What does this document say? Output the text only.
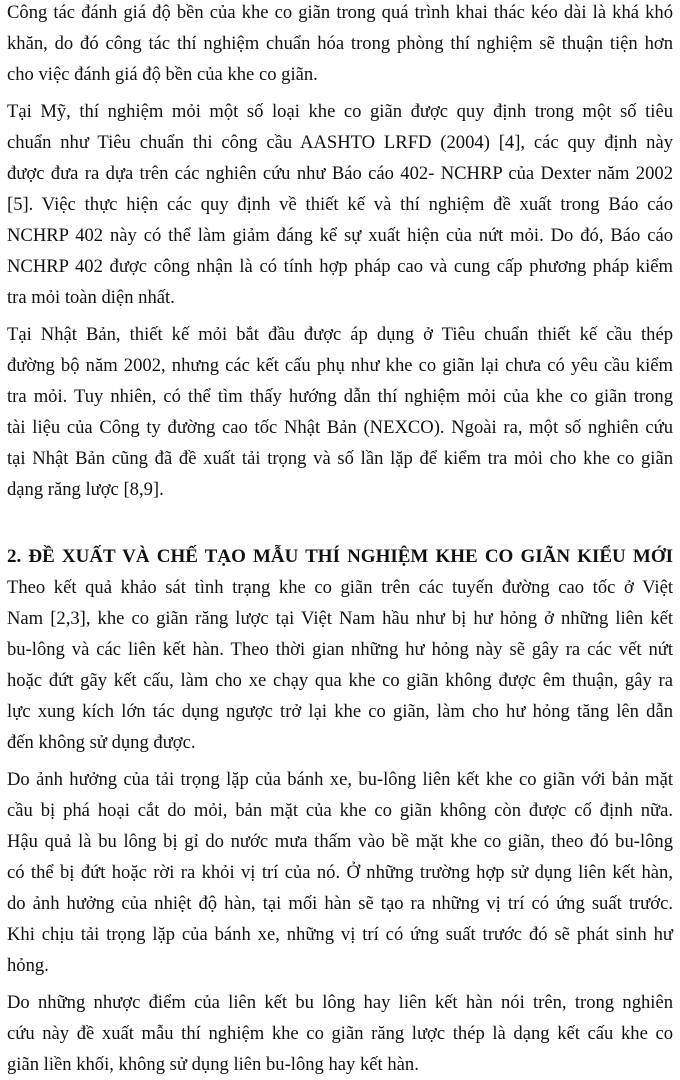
Công tác đánh giá độ bền của khe co giãn trong quá trình khai thác kéo dài là khá khó
khăn, do đó công tác thí nghiệm chuẩn hóa trong phòng thí nghiệm sẽ thuận tiện hơn
cho việc đánh giá độ bền của khe co giãn.
Tại Mỹ, thí nghiệm mỏi một số loại khe co giãn được quy định trong một số tiêu
chuẩn như Tiêu chuẩn thi công cầu AASHTO LRFD (2004) [4], các quy định này
được đưa ra dựa trên các nghiên cứu như Báo cáo 402- NCHRP của Dexter năm 2002
[5]. Việc thực hiện các quy định về thiết kế và thí nghiệm đề xuất trong Báo cáo
NCHRP 402 này có thể làm giảm đáng kể sự xuất hiện của nứt mỏi. Do đó, Báo cáo
NCHRP 402 được công nhận là có tính hợp pháp cao và cung cấp phương pháp kiểm
tra mỏi toàn diện nhất.
Tại Nhật Bản, thiết kế mỏi bắt đầu được áp dụng ở Tiêu chuẩn thiết kế cầu thép
đường bộ năm 2002, nhưng các kết cấu phụ như khe co giãn lại chưa có yêu cầu kiểm
tra mỏi. Tuy nhiên, có thể tìm thấy hướng dẫn thí nghiệm mỏi của khe co giãn trong
tài liệu của Công ty đường cao tốc Nhật Bản (NEXCO). Ngoài ra, một số nghiên cứu
tại Nhật Bản cũng đã đề xuất tải trọng và số lần lặp để kiểm tra mỏi cho khe co giãn
dạng răng lược [8,9].
2. ĐỀ XUẤT VÀ CHẾ TẠO MẪU THÍ NGHIỆM KHE CO GIÃN KIỂU MỚI
Theo kết quả khảo sát tình trạng khe co giãn trên các tuyến đường cao tốc ở Việt
Nam [2,3], khe co giãn răng lược tại Việt Nam hầu như bị hư hỏng ở những liên kết
bu-lông và các liên kết hàn. Theo thời gian những hư hỏng này sẽ gây ra các vết nứt
hoặc đứt gãy kết cấu, làm cho xe chạy qua khe co giãn không được êm thuận, gây ra
lực xung kích lớn tác dụng ngược trở lại khe co giãn, làm cho hư hỏng tăng lên dẫn
đến không sử dụng được.
Do ảnh hưởng của tải trọng lặp của bánh xe, bu-lông liên kết khe co giãn với bản mặt
cầu bị phá hoại cắt do mỏi, bản mặt của khe co giãn không còn được cố định nữa.
Hậu quả là bu lông bị gỉ do nước mưa thấm vào bề mặt khe co giãn, theo đó bu-lông
có thể bị đứt hoặc rời ra khỏi vị trí của nó. Ở những trường hợp sử dụng liên kết hàn,
do ảnh hưởng của nhiệt độ hàn, tại mối hàn sẽ tạo ra những vị trí có ứng suất trước.
Khi chịu tải trọng lặp của bánh xe, những vị trí có ứng suất trước đó sẽ phát sinh hư
hỏng.
Do những nhược điểm của liên kết bu lông hay liên kết hàn nói trên, trong nghiên
cứu này đề xuất mẫu thí nghiệm khe co giãn răng lược thép là dạng kết cấu khe co
giãn liền khối, không sử dụng liên bu-lông hay kết hàn.
